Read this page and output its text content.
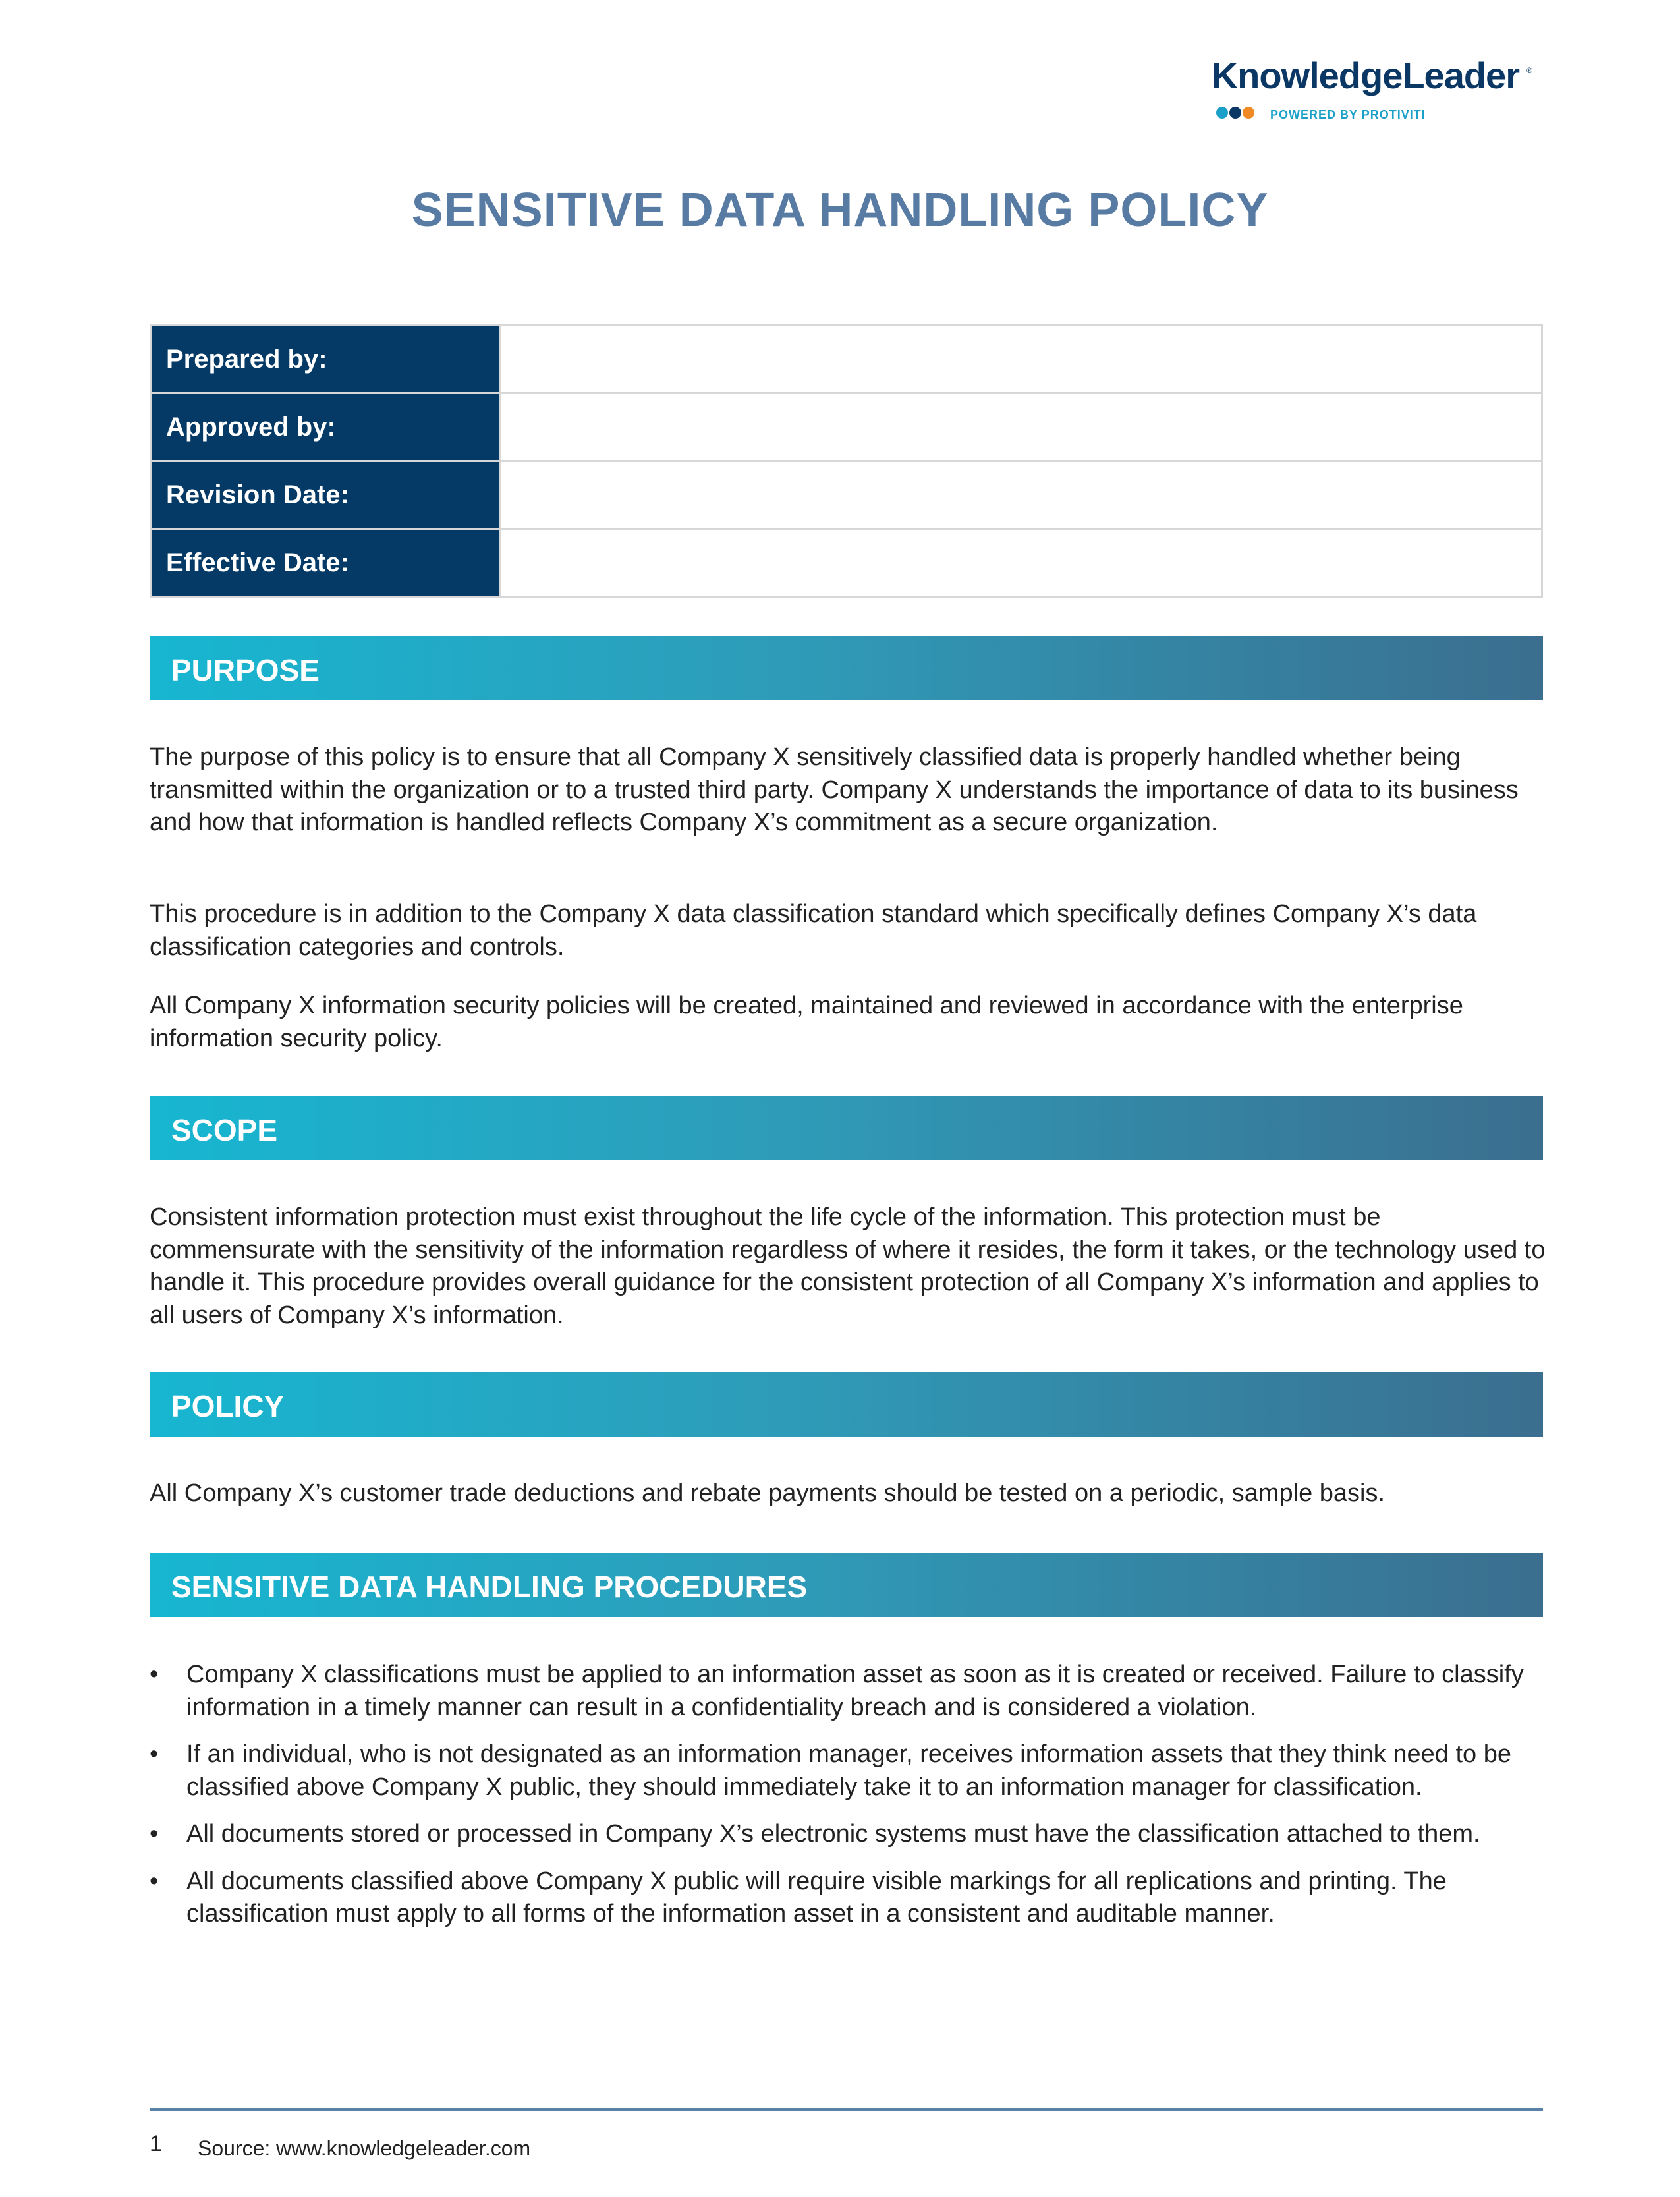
KnowledgeLeader ®
POWERED BY PROTIVITI
SENSITIVE DATA HANDLING POLICY
Prepared by:	
Approved by:	
Revision Date:	
Effective Date:	
PURPOSE

The purpose of this policy is to ensure that all Company X sensitively classified data is properly handled whether being transmitted within the organization or to a trusted third party. Company X understands the importance of data to its business and how that information is handled reflects Company X’s commitment as a secure organization.

This procedure is in addition to the Company X data classification standard which specifically defines Company X’s data classification categories and controls.

All Company X information security policies will be created, maintained and reviewed in accordance with the enterprise information security policy.

SCOPE

Consistent information protection must exist throughout the life cycle of the information. This protection must be commensurate with the sensitivity of the information regardless of where it resides, the form it takes, or the technology used to handle it. This procedure provides overall guidance for the consistent protection of all Company X’s information and applies to all users of Company X’s information.

POLICY

All Company X’s customer trade deductions and rebate payments should be tested on a periodic, sample basis.

SENSITIVE DATA HANDLING PROCEDURES
• Company X classifications must be applied to an information asset as soon as it is created or received. Failure to classify information in a timely manner can result in a confidentiality breach and is considered a violation.
• If an individual, who is not designated as an information manager, receives information assets that they think need to be classified above Company X public, they should immediately take it to an information manager for classification.
• All documents stored or processed in Company X’s electronic systems must have the classification attached to them.
• All documents classified above Company X public will require visible markings for all replications and printing. The classification must apply to all forms of the information asset in a consistent and auditable manner.
1 Source: www.knowledgeleader.com
